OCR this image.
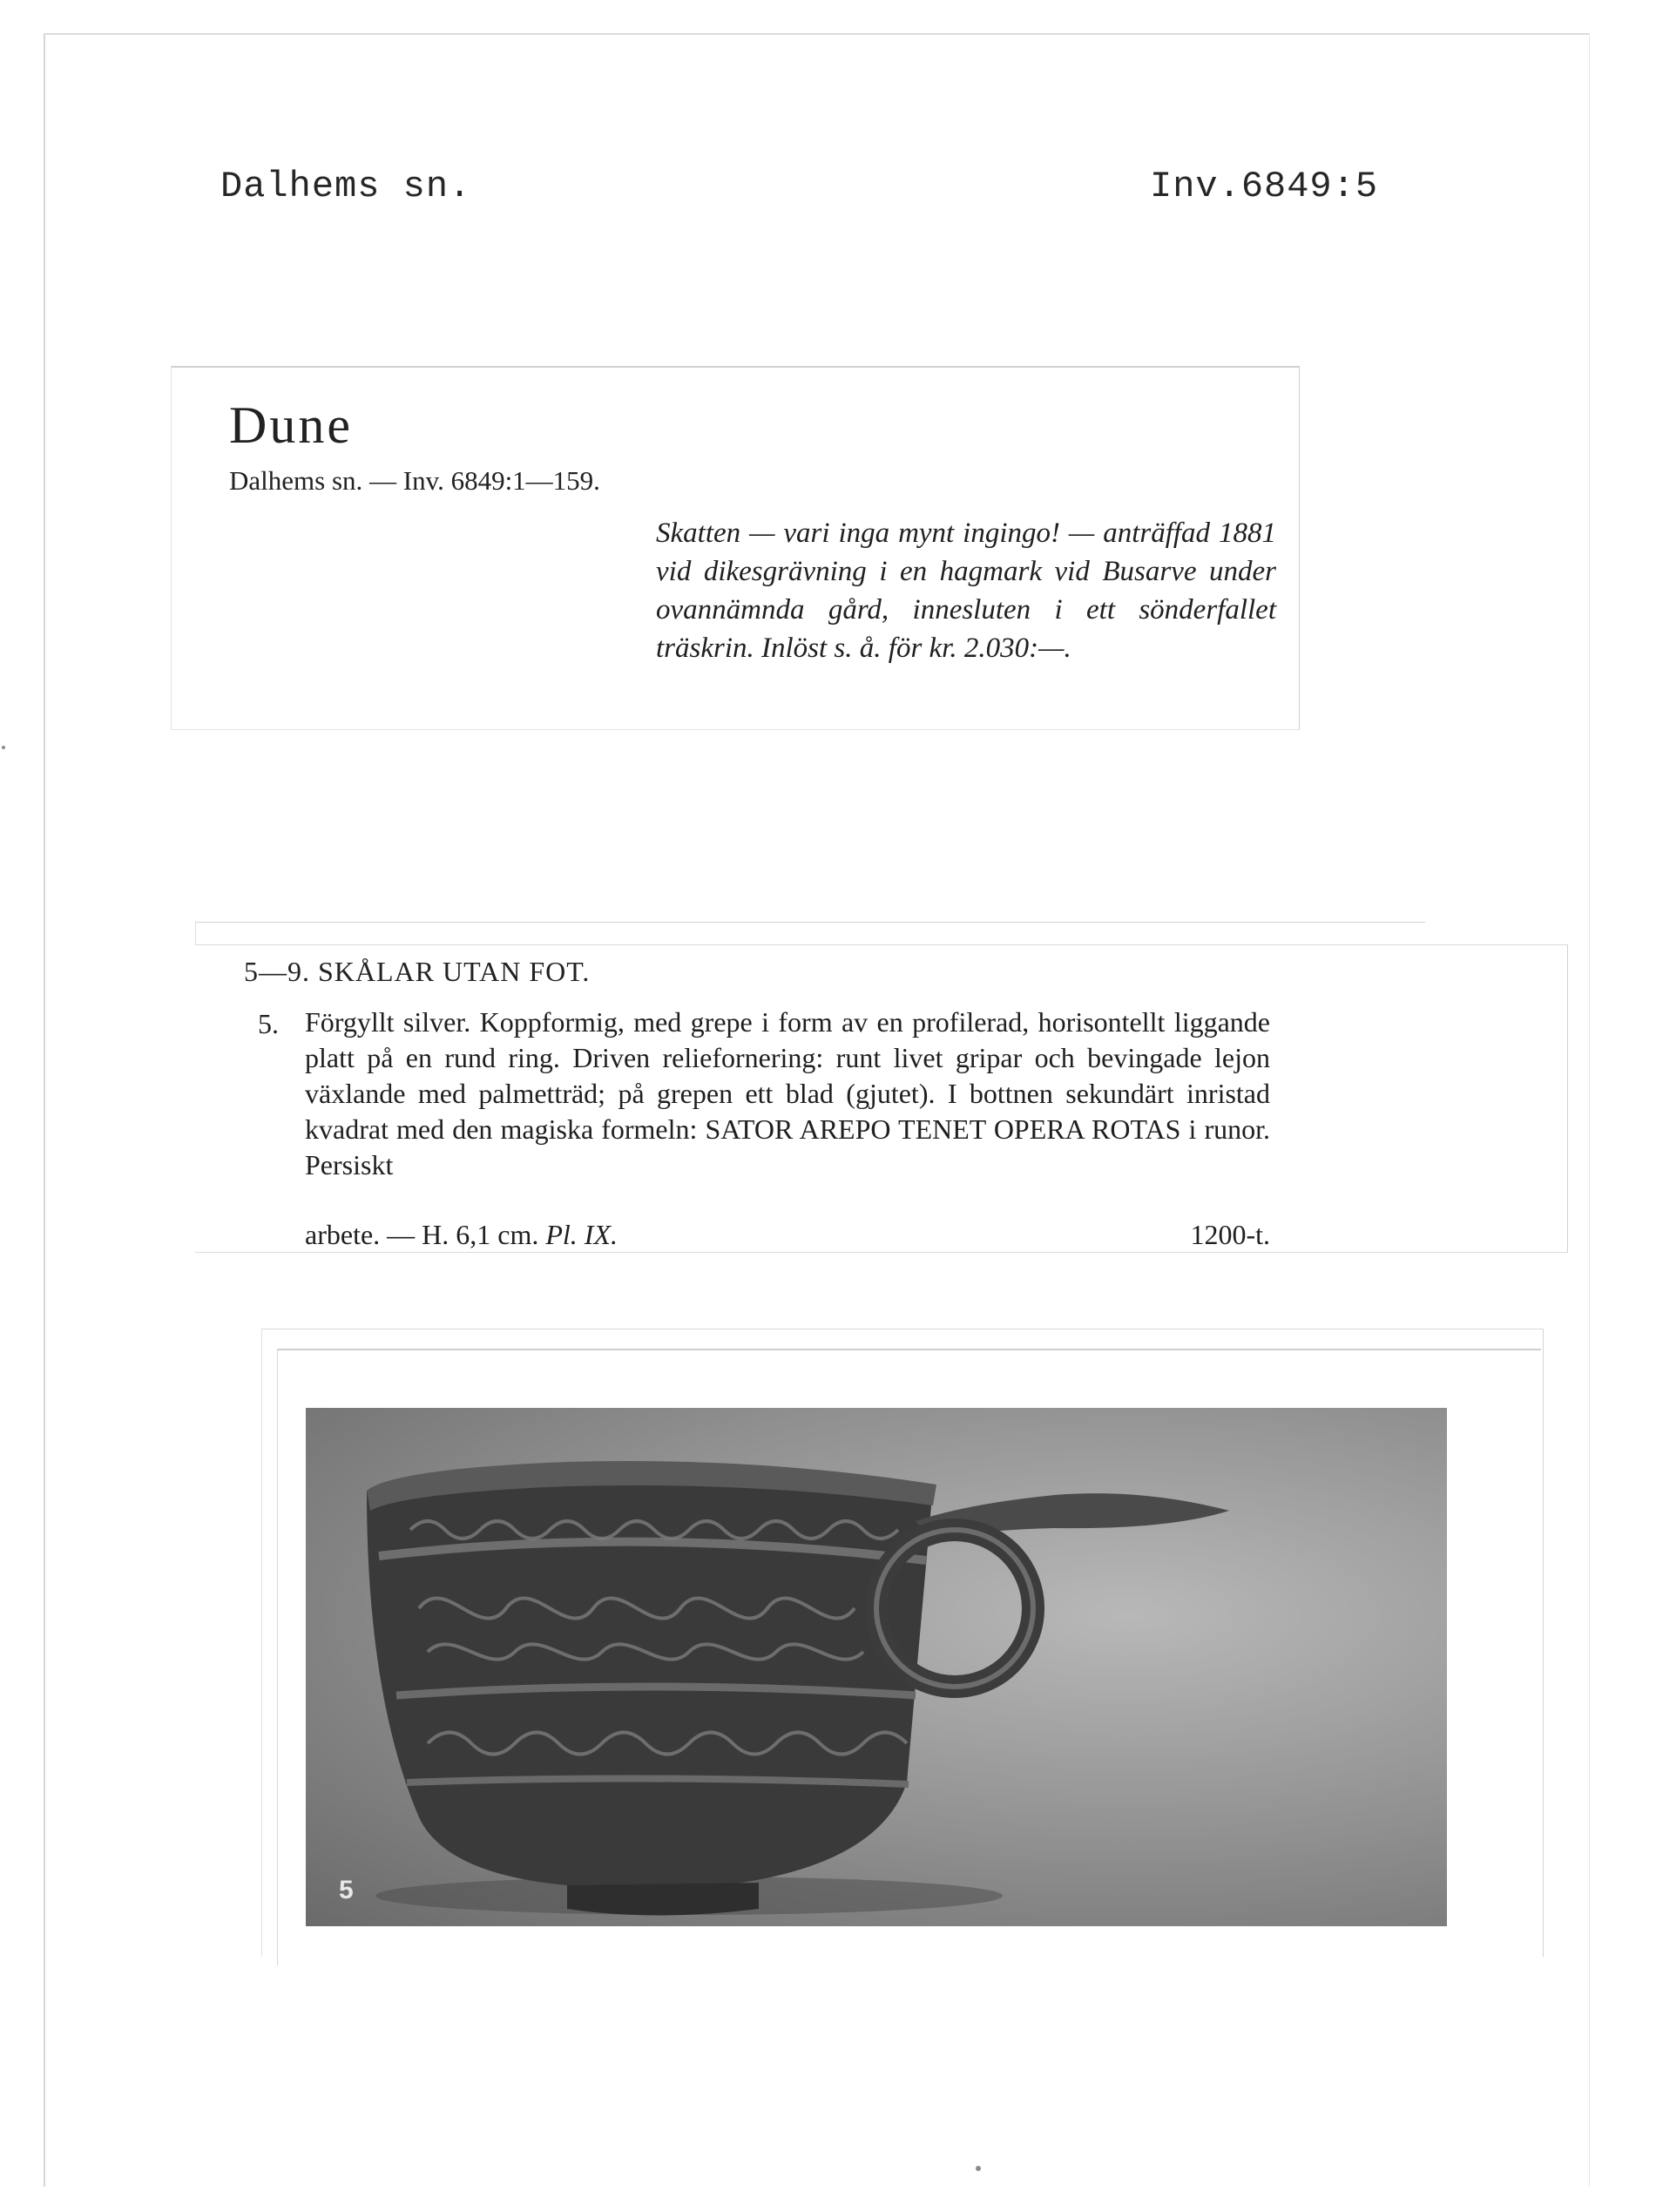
Dalhems sn.	Inv.6849:5
Dune
Dalhems sn. — Inv. 6849:1—159.
Skatten — vari inga mynt ingingo! — anträffad 1881 vid dikesgrävning i en hagmark vid Busarve under ovannämnda gård, innesluten i ett sönderfallet träskrin. Inlöst s. å. för kr. 2.030:—.
5—9. SKÅLAR UTAN FOT.
5. Förgyllt silver. Koppformig, med grepe i form av en profilerad, horisontellt liggande platt på en rund ring. Driven reliefornering: runt livet gripar och bevingade lejon växlande med palmetträd; på grepen ett blad (gjutet). I bottnen sekundärt inristad kvadrat med den magiska formeln: SATOR AREPO TENET OPERA ROTAS i runor. Persiskt
arbete. — H. 6,1 cm. Pl. IX.	1200-t.
5
